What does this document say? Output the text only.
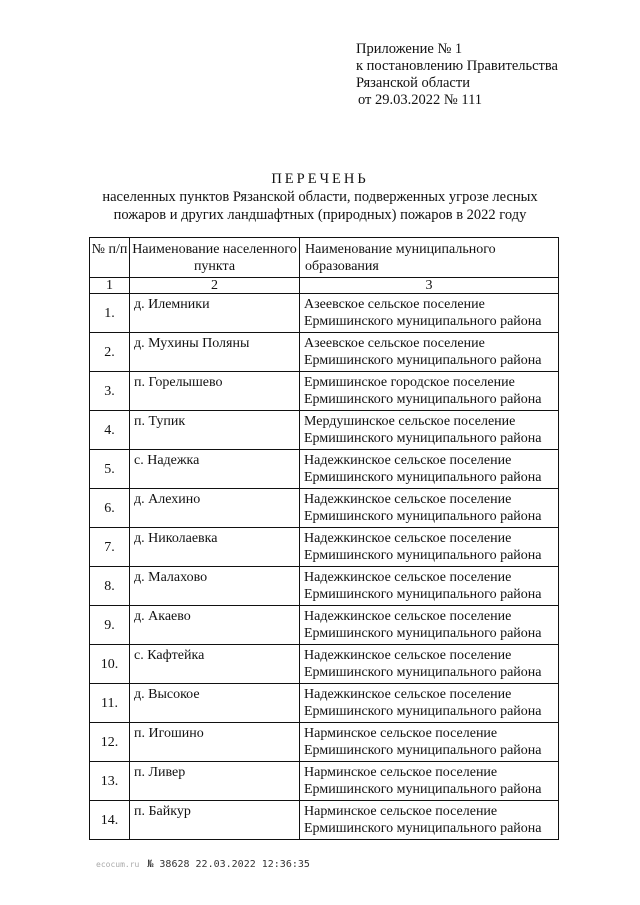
Приложение № 1
к постановлению Правительства
Рязанской области
от 29.03.2022 № 111
ПЕРЕЧЕНЬ
населенных пунктов Рязанской области, подверженных угрозе лесных
пожаров и других ландшафтных (природных) пожаров в 2022 году
№ п/п	Наименование населенного пункта	Наименование муниципального образования
1	2	3
1.	д. Илемники	Азеевское сельское поселение
Ермишинского муниципального района

2.	д. Мухины Поляны	Азеевское сельское поселение
Ермишинского муниципального района

3.	п. Горелышево	Ермишинское городское поселение
Ермишинского муниципального района

4.	п. Тупик	Мердушинское сельское поселение
Ермишинского муниципального района

5.	с. Надежка	Надежкинское сельское поселение
Ермишинского муниципального района

6.	д. Алехино	Надежкинское сельское поселение
Ермишинского муниципального района

7.	д. Николаевка	Надежкинское сельское поселение
Ермишинского муниципального района

8.	д. Малахово	Надежкинское сельское поселение
Ермишинского муниципального района

9.	д. Акаево	Надежкинское сельское поселение
Ермишинского муниципального района

10.	с. Кафтейка	Надежкинское сельское поселение
Ермишинского муниципального района

11.	д. Высокое	Надежкинское сельское поселение
Ермишинского муниципального района

12.	п. Игошино	Нарминское сельское поселение
Ермишинского муниципального района

13.	п. Ливер	Нарминское сельское поселение
Ермишинского муниципального района

14.	п. Байкур	Нарминское сельское поселение
Ермишинского муниципального района
ecocum.ru № 38628 22.03.2022 12:36:35
